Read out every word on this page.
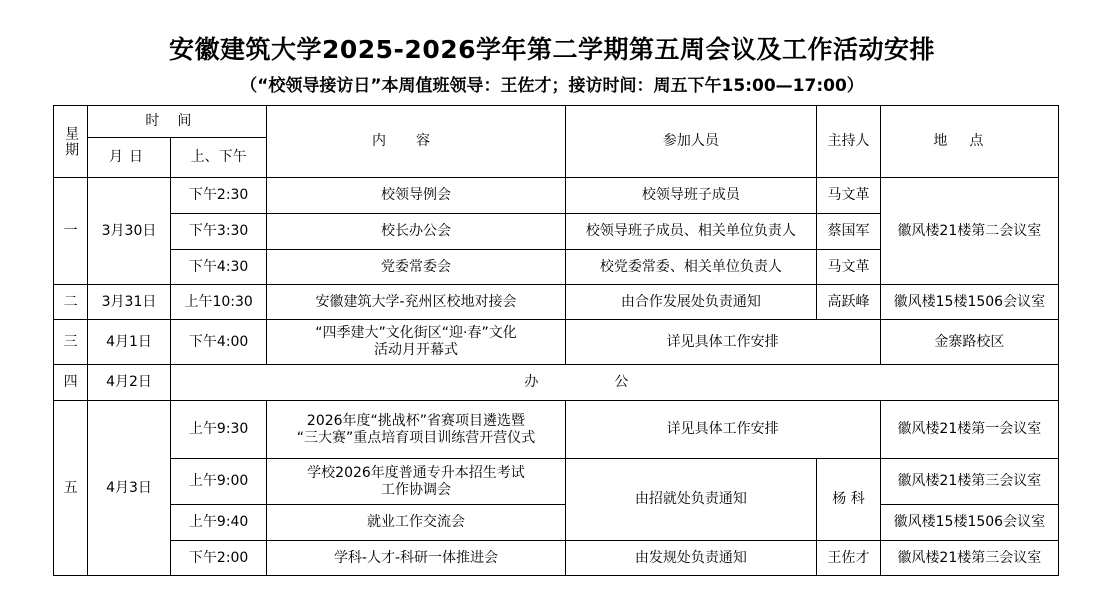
安徽建筑大学2025-2026学年第二学期第五周会议及工作活动安排
（“校领导接访日”本周值班领导：王佐才；接访时间：周五下午15:00—17:00）
星期	时间		内容	参加人员	主持人	地点
	月日	上、下午				
一	3月30日	下午2:30	校领导例会	校领导班子成员	马文革	徽风楼21楼第二会议室
		下午3:30	校长办公会	校领导班子成员、相关单位负责人	蔡国军	
		下午4:30	党委常委会	校党委常委、相关单位负责人	马文革	
二	3月31日	上午10:30	安徽建筑大学-兖州区校地对接会	由合作发展处负责通知	高跃峰	徽风楼15楼1506会议室
三	4月1日	下午4:00	“四季建大”文化街区“迎·春”文化
活动月开幕式	详见具体工作安排		金寨路校区
四	4月2日	办公				
五	4月3日	上午9:30	2026年度“挑战杯”省赛项目遴选暨
“三大赛”重点培育项目训练营开营仪式	详见具体工作安排		徽风楼21楼第一会议室
		上午9:00	学校2026年度普通专升本招生考试
工作协调会	由招就处负责通知	杨 科	徽风楼21楼第三会议室
		上午9:40	就业工作交流会			徽风楼15楼1506会议室
		下午2:00	学科-人才-科研一体推进会	由发规处负责通知	王佐才	徽风楼21楼第三会议室
